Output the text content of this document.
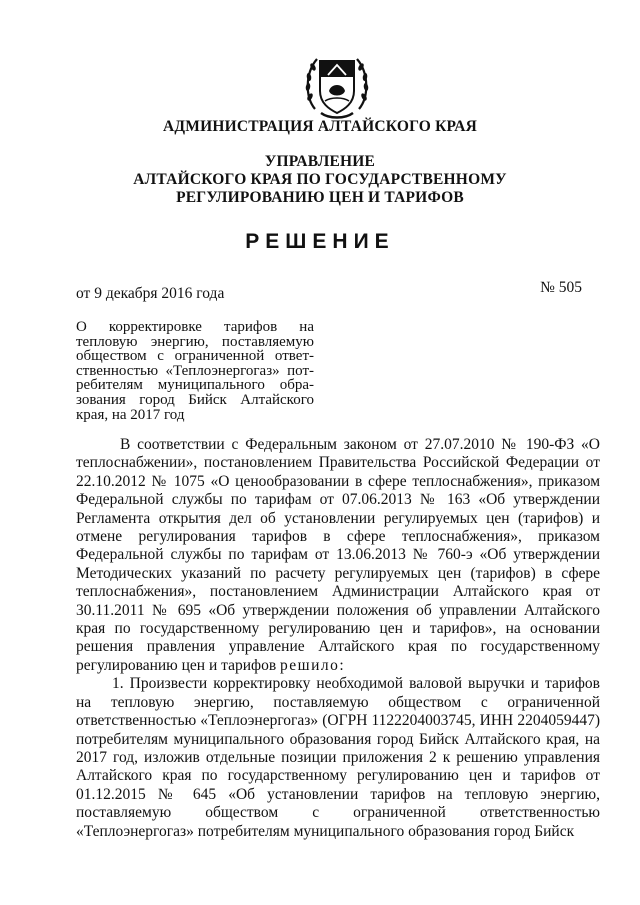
АДМИНИСТРАЦИЯ АЛТАЙСКОГО КРАЯ
УПРАВЛЕНИЕ
АЛТАЙСКОГО КРАЯ ПО ГОСУДАРСТВЕННОМУ
РЕГУЛИРОВАНИЮ ЦЕН И ТАРИФОВ
РЕШЕНИЕ
от 9 декабря 2016 года	№ 505
О корректировке тарифов на
тепловую энергию, поставляемую
обществом с ограниченной ответ-
ственностью «Теплоэнергогаз» пот-
ребителям муниципального обра-
зования город Бийск Алтайского
края, на 2017 год

В соответствии с Федеральным законом от 27.07.2010 № 190-ФЗ «О теплоснабжении», постановлением Правительства Российской Федерации от 22.10.2012 № 1075 «О ценообразовании в сфере теплоснабжения», приказом Федеральной службы по тарифам от 07.06.2013 № 163 «Об утверждении Регламента открытия дел об установлении регулируемых цен (тарифов) и отмене регулирования тарифов в сфере теплоснабжения», приказом Федеральной службы по тарифам от 13.06.2013 № 760-э «Об утверждении Методических указаний по расчету регулируемых цен (тарифов) в сфере теплоснабжения», постановлением Администрации Алтайского края от 30.11.2011 № 695 «Об утверждении положения об управлении Алтайского края по государственному регулированию цен и тарифов», на основании решения правления управление Алтайского края по государственному регулированию цен и тарифов решило:

1. Произвести корректировку необходимой валовой выручки и тарифов на тепловую энергию, поставляемую обществом с ограниченной ответственностью «Теплоэнергогаз» (ОГРН 1122204003745, ИНН 2204059447) потребителям муниципального образования город Бийск Алтайского края, на 2017 год, изложив отдельные позиции приложения 2 к решению управления Алтайского края по государственному регулированию цен и тарифов от 01.12.2015 № 645 «Об установлении тарифов на тепловую энергию, поставляемую обществом с ограниченной ответственностью «Теплоэнергогаз» потребителям муниципального образования город Бийск
